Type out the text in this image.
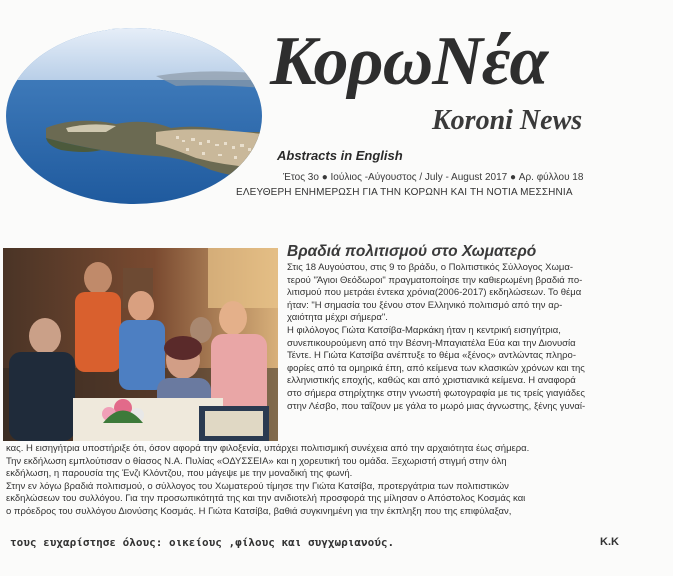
ΚορωΝέα
Koroni News
Abstracts in English
Έτος 3ο ● Ιούλιος -Αύγουστος / July - August 2017 ● Αρ. φύλλου 18
ΕΛΕΥΘΕΡΗ ΕΝΗΜΕΡΩΣΗ ΓΙΑ ΤΗΝ ΚΟΡΩΝΗ ΚΑΙ ΤΗ ΝΟΤΙΑ ΜΕΣΣΗΝΙΑ
Βραδιά πολιτισμού στο Χωματερό
Στις 18 Αυγούστου, στις 9 το βράδυ, ο Πολιτιστικός Σύλλογος Χωμα-
τερού "Άγιοι Θεόδωροι" πραγματοποίησε την καθιερωμένη βραδιά πο-
λιτισμού που μετράει έντεκα χρόνια(2006-2017) εκδηλώσεων. Το θέμα
ήταν: "Η σημασία του ξένου στον Ελληνικό πολιτισμό από την αρ-
χαιότητα μέχρι σήμερα".
Η φιλόλογος Γιώτα Κατσίβα-Μαρκάκη ήταν η κεντρική εισηγήτρια,
συνεπικουρούμενη από την Βέσνη-Μπαγιατέλα Εύα και την Διονυσία
Τέντε. Η Γιώτα Κατσίβα ανέπτυξε το θέμα «ξένος» αντλώντας πληρο-
φορίες από τα ομηρικά έπη, από κείμενα των κλασικών χρόνων και της
ελληνιστικής εποχής, καθώς και από χριστιανικά κείμενα. Η αναφορά
στο σήμερα στηρίχτηκε στην γνωστή φωτογραφία με τις τρείς γιαγιάδες
στην Λέσβο, που ταΐζουν με γάλα το μωρό μιας άγνωστης, ξένης γυναί-
κας. Η εισηγήτρια υποστήριξε ότι, όσον αφορά την φιλοξενία, υπάρχει πολιτισμική συνέχεια από την αρχαιότητα έως σήμερα.
Την εκδήλωση εμπλούτισαν ο θίασος Ν.Α. Πυλίας «ΟΔΥΣΣΕΙΑ» και η χορευτική του ομάδα. Ξεχωριστή στιγμή στην όλη
εκδήλωση, η παρουσία της Ένζι Κλόντζου, που μάγεψε με την μοναδική της φωνή.
Στην εν λόγω βραδιά πολιτισμού, ο σύλλογος του Χωματερού τίμησε την Γιώτα Κατσίβα, προτεργάτρια των πολιτιστικών
εκδηλώσεων του συλλόγου. Για την προσωπικότητά της και την ανιδιοτελή προσφορά της μίλησαν ο Απόστολος Κοσμάς και
ο πρόεδρος του συλλόγου Διονύσης Κοσμάς. Η Γιώτα Κατσίβα, βαθιά συγκινημένη για την έκπληξη που της επιφύλαξαν,
τους ευχαρίστησε όλους: οικείους ,φίλους και συγχωριανούς.	Κ.Κ
